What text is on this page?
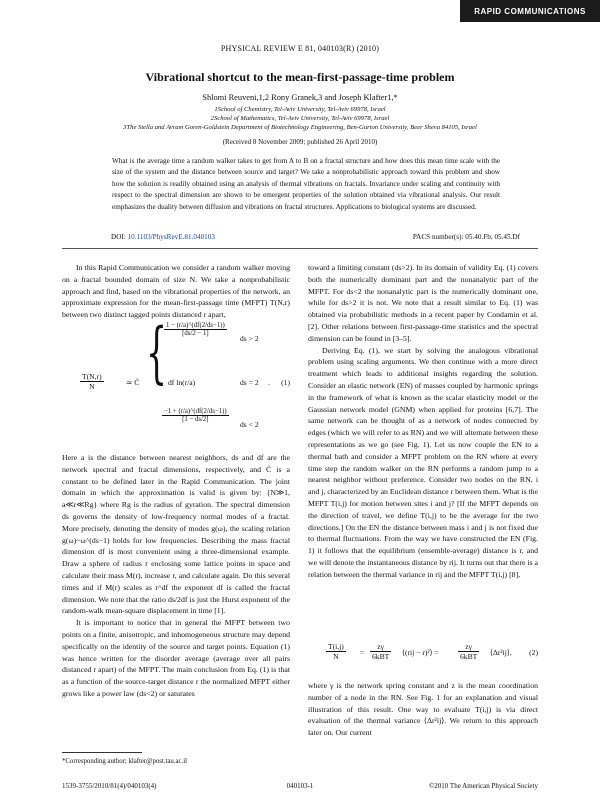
RAPID COMMUNICATIONS
PHYSICAL REVIEW E 81, 040103(R) (2010)
Vibrational shortcut to the mean-first-passage-time problem
Shlomi Reuveni,1,2 Rony Granek,3 and Joseph Klafter1,*
1School of Chemistry, Tel-Aviv University, Tel-Aviv 69978, Israel
2School of Mathematics, Tel-Aviv University, Tel-Aviv 69978, Israel
3The Stella and Avram Goren-Goldstein Department of Biotechnology Engineering, Ben-Gurion University, Beer Sheva 84105, Israel
(Received 8 November 2009; published 26 April 2010)
What is the average time a random walker takes to get from A to B on a fractal structure and how does this mean time scale with the size of the system and the distance between source and target? We take a nonprobabilistic approach toward this problem and show how the solution is readily obtained using an analysis of thermal vibrations on fractals. Invariance under scaling and continuity with respect to the spectral dimension are shown to be emergent properties of the solution obtained via vibrational analysis. Our result emphasizes the duality between diffusion and vibrations on fractal structures. Applications to biological systems are discussed.
DOI: 10.1103/PhysRevE.81.040103	PACS number(s): 05.40.Fb, 05.45.Df

In this Rapid Communication we consider a random walker moving on a fractal bounded domain of size N. We take a nonprobabilistic approach and find, based on the vibrational properties of the network, an approximate expression for the mean-first-passage time (MFPT) T(N,r) between two distinct tagged points distanced r apart,

$\frac{T(N,r)}{N}$	≃ C̃ {
$\frac{1 - (r/a)\^{}(df(2/ds-1))}{[ds/2 - 1]}$
ds > 2
df ln(r/a)	ds = 2 .
$\frac{-1 + (r/a)\^{}(df(2/ds-1))}{[1 - ds/2]}$
ds < 2
(1)

Here a is the distance between nearest neighbors, ds and df are the network spectral and fractal dimensions, respectively, and C̃ is a constant to be defined later in the Rapid Communication. The joint domain in which the approximation is valid is given by: {N≫1, a≪r≪Rg} where Rg is the radius of gyration. The spectral dimension ds governs the density of low-frequency normal modes of a fractal. More precisely, denoting the density of modes g(ω), the scaling relation g(ω)~ω^(ds−1) holds for low frequencies. Describing the mass fractal dimension df is most convenient using a three-dimensional example. Draw a sphere of radius r enclosing some lattice points in space and calculate their mass M(r), increase r, and calculate again. Do this several times and if M(r) scales as r^df the exponent df is called the fractal dimension. We note that the ratio ds/2df is just the Hurst exponent of the random-walk mean-square displacement in time [1].

It is important to notice that in general the MFPT between two points on a finite, anisotropic, and inhomogeneous structure may depend specifically on the identity of the source and target points. Equation (1) was hence written for the disorder average (average over all pairs distanced r apart) of the MFPT. The main conclusion from Eq. (1) is that as a function of the source-target distance r the normalized MFPT either grows like a power law (ds<2) or saturates

toward a limiting constant (ds>2). In its domain of validity Eq. (1) covers both the numerically dominant part and the nonanalytic part of the MFPT. For ds<2 the nonanalytic part is the numerically dominant one, while for ds>2 it is not. We note that a result similar to Eq. (1) was obtained via probabilistic methods in a recent paper by Condamin et al. [2]. Other relations between first-passage-time statistics and the spectral dimension can be found in [3–5].

Deriving Eq. (1), we start by solving the analogous vibrational problem using scaling arguments. We then continue with a more direct treatment which leads to additional insights regarding the solution. Consider an elastic network (EN) of masses coupled by harmonic springs in the framework of what is known as the scalar elasticity model or the Gaussian network model (GNM) when applied for proteins [6,7]. The same network can be thought of as a network of nodes connected by edges (which we will refer to as RN) and we will alternate between these representations as we go (see Fig. 1). Let us now couple the EN to a thermal bath and consider a MFPT problem on the RN where at every time step the random walker on the RN performs a random jump to a nearest neighbor without preference. Consider two nodes on the RN, i and j, characterized by an Euclidean distance r between them. What is the MFPT T(i,j) for motion between sites i and j? [If the MFPT depends on the direction of travel, we define T(i,j) to be the average for the two directions.] On the EN the distance between mass i and j is not fixed due to thermal fluctuations. From the way we have constructed the EN (Fig. 1) it follows that the equilibrium (ensemble-average) distance is r, and we will denote the instantaneous distance by rij. It turns out that there is a relation between the thermal variance in rij and the MFPT T(i,j) [8],

$\frac{T(i,j)}{N}$ =
zγ
6kBT ⟨(rij − r)²⟩ =
zγ
6kBT ⟨Δr²ij⟩, (2)

where γ is the network spring constant and z is the mean coordination number of a node in the RN. See Fig. 1 for an explanation and visual illustration of this result. One way to evaluate T(i,j) is via direct evaluation of the thermal variance ⟨Δr²ij⟩. We return to this approach later on. Our current

*Corresponding author; klafter@post.tau.ac.il
1539-3755/2010/81(4)/040103(4)	040103-1	©2010 The American Physical Society
